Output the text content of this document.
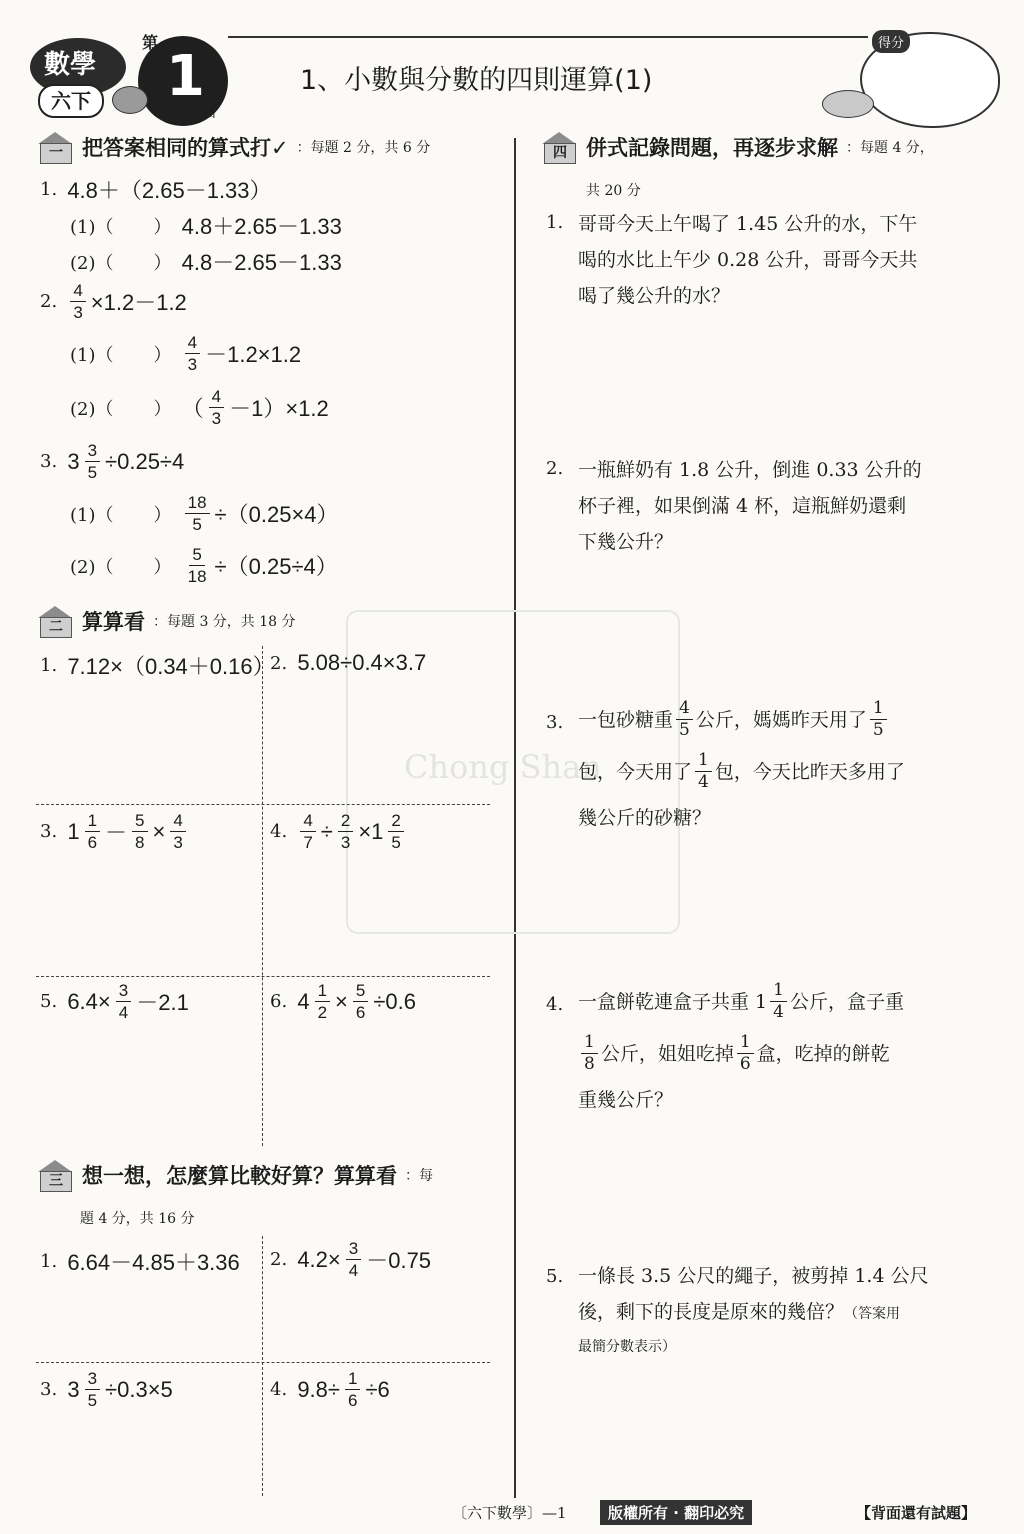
數學
六下
第
1
回
1、小數與分數的四則運算(1)
得分
Chong Shan
一 把答案相同的算式打✓ ：每題 2 分，共 6 分
1.
4.8＋（2.65－1.33）
(1)（ ）
4.8＋2.65－1.33
(2)（ ）
4.8－2.65－1.33
2.
$\frac{4}{3} \times 1.2-1.2$
(1)（ ）
$\frac{4}{3} -1.2\times 1.2$
(2)（ ）
（ $\frac{4}{3} -1)\times 1.2$
3.
$3 \frac{3}{5} \div 0.25\div 4$
(1)（ ）
$\frac{18}{5} \div(0.25\times 4)$
(2)（ ）
$\frac{5}{18} \div(0.25\div 4)$
二 算算看 ：每題 3 分，共 18 分
1.
7.12×（0.34＋0.16）
2.
5.08÷0.4×3.7
3.
$1 \frac{1}{6} - \frac{5}{8} \times \frac{4}{3}$	4.
$\frac{4}{7} \div \frac{2}{3} \times 1 \frac{2}{5}$
5.
$6.4\times \frac{3}{4} -2.1$	6.
$4 \frac{1}{2} \times \frac{5}{6} \div 0.6$
三 想一想，怎麼算比較好算？算算看 ：每
題 4 分，共 16 分
1.
6.64－4.85＋3.36 2.
$4.2\times \frac{3}{4} -0.75$
3.
$3 \frac{3}{5} \div 0.3\times 5$	4.
$9.8\div \frac{1}{6} \div 6$
四 併式記錄問題，再逐步求解 ：每題 4 分，
共 20 分
1. 哥哥今天上午喝了 1.45 公升的水，下午
喝的水比上午少 0.28 公升，哥哥今天共
喝了幾公升的水？
2. 一瓶鮮奶有 1.8 公升，倒進 0.33 公升的
杯子裡，如果倒滿 4 杯，這瓶鮮奶還剩
下幾公升？
3. 一包砂糖重 $\frac{4}{5}$ 公斤，媽媽昨天用了 $\frac{1}{5}$
包，今天用了 $\frac{1}{4}$ 包，今天比昨天多用了
幾公斤的砂糖？
4. 一盒餅乾連盒子共重 $1 \frac{1}{4}$ 公斤，盒子重
$\frac{1}{8}$ 公斤，姐姐吃掉 $\frac{1}{6}$ 盒，吃掉的餅乾
重幾公斤？
5. 一條長 3.5 公尺的繩子，被剪掉 1.4 公尺
後，剩下的長度是原來的幾倍？（答案用
最簡分數表示）
〔六下數學〕—1	版權所有 · 翻印必究	【背面還有試題】
